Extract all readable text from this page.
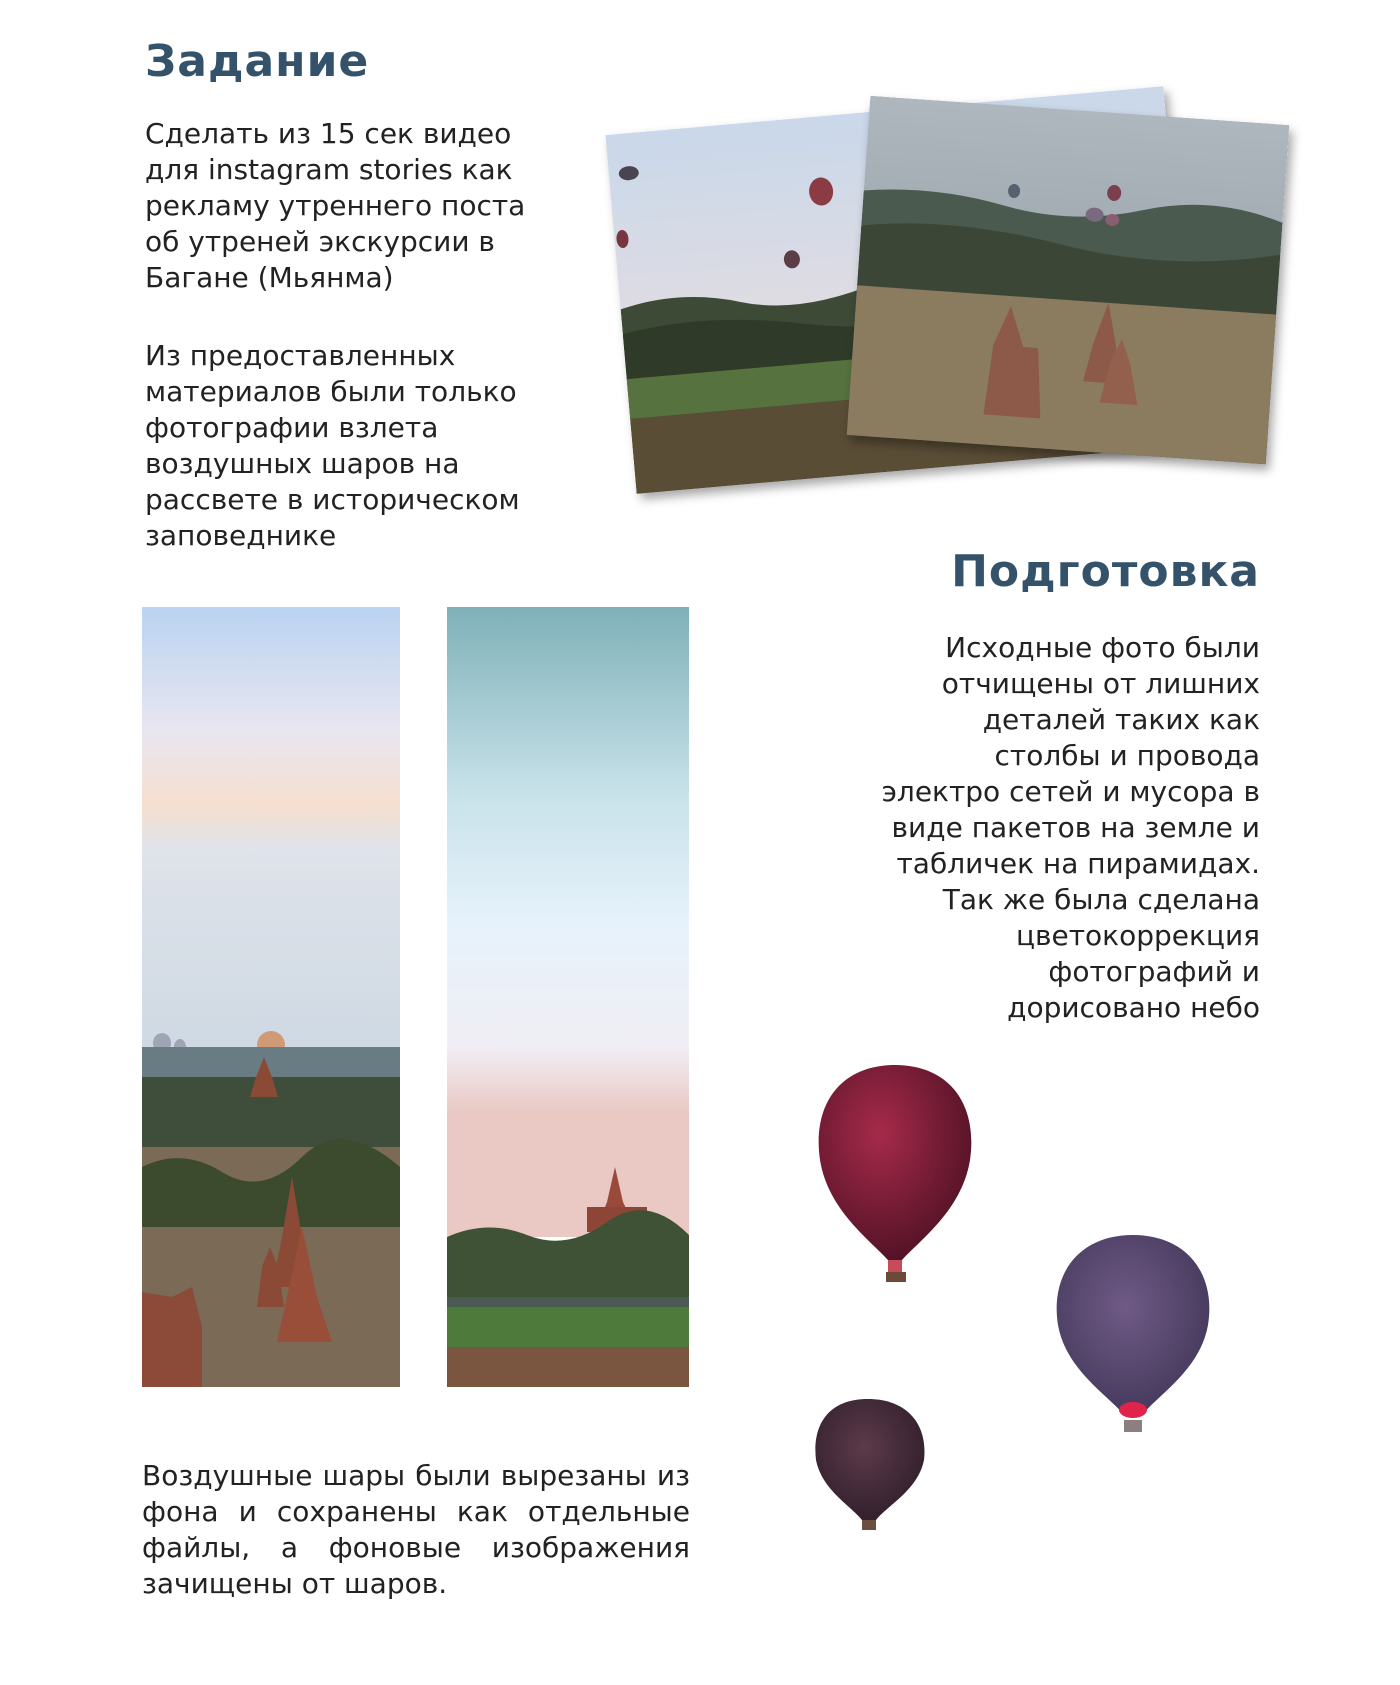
Задание

Сделать из 15 сек видео для instagram stories как рекламу утреннего поста об утреней экскурсии в Багане (Мьянма)

Из предоставленных материалов были только фотографии взлета воздушных шаров на рассвете в историческом заповеднике

Подготовка

Исходные фото были отчищены от лишних деталей таких как столбы и провода электро сетей и мусора в виде пакетов на земле и табличек на пирамидах. Так же была сделана цветокоррекция фотографий и дорисовано небо

Воздушные шары были вырезаны из фона и сохранены как отдельные файлы, а фоновые изображения зачищены от шаров.
